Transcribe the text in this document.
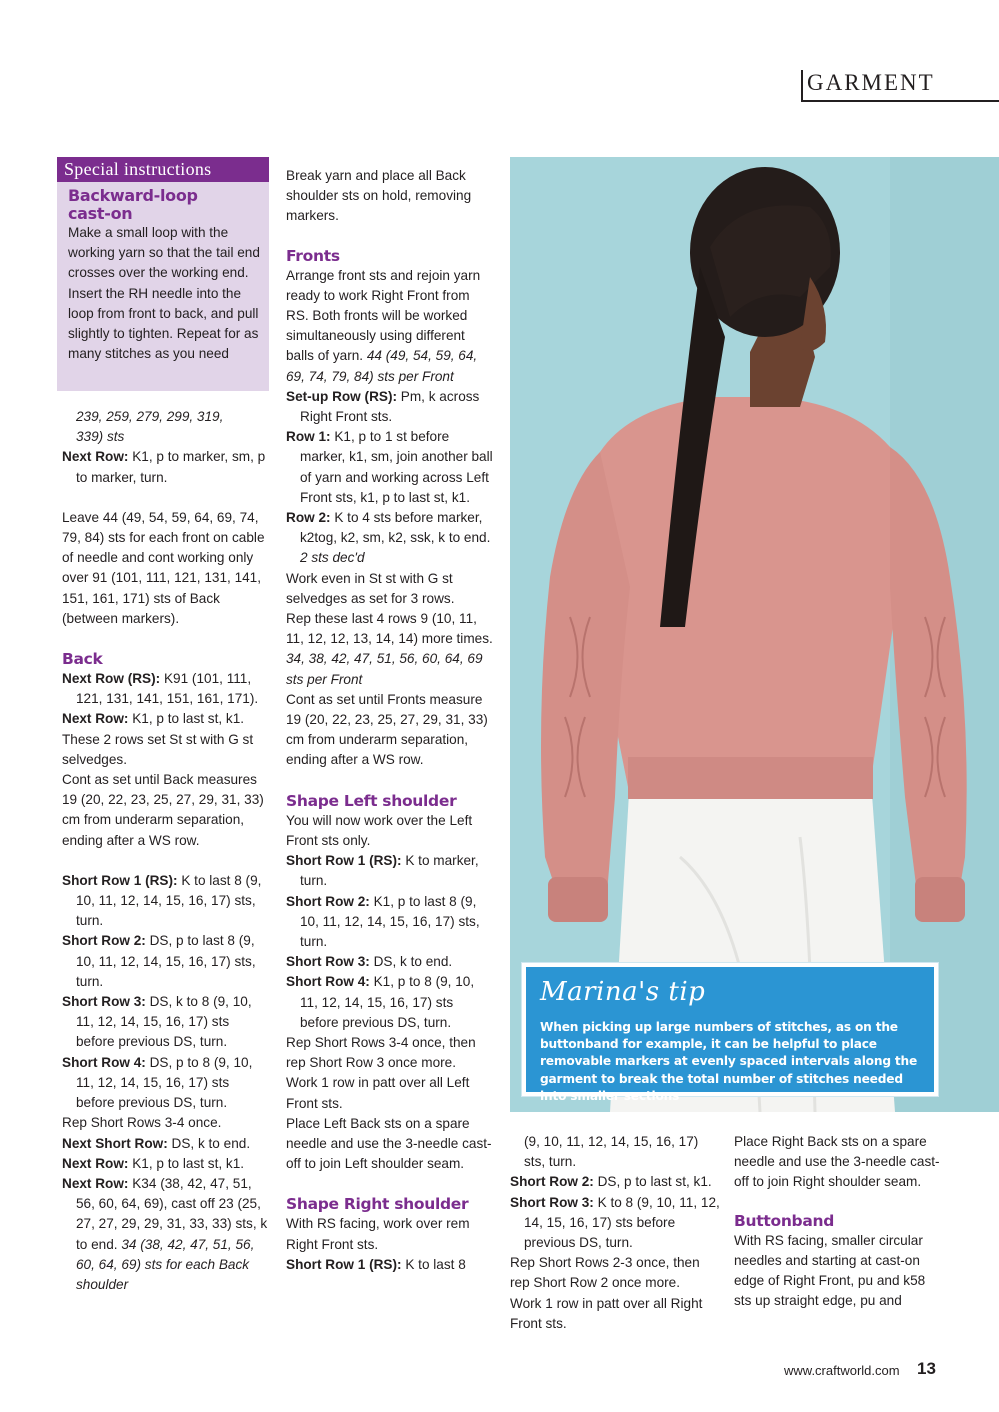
GARMENT
Special instructions

Backward-loop cast-on

Make a small loop with the working yarn so that the tail end crosses over the working end. Insert the RH needle into the loop from front to back, and pull slightly to tighten. Repeat for as many stitches as you need

239, 259, 279, 299, 319,

339) sts

Next Row: K1, p to marker, sm, p to marker, turn.

Leave 44 (49, 54, 59, 64, 69, 74, 79, 84) sts for each front on cable of needle and cont working only over 91 (101, 111, 121, 131, 141, 151, 161, 171) sts of Back (between markers).

Back

Next Row (RS): K91 (101, 111, 121, 131, 141, 151, 161, 171).

Next Row: K1, p to last st, k1.

These 2 rows set St st with G st selvedges.

Cont as set until Back measures 19 (20, 22, 23, 25, 27, 29, 31, 33) cm from underarm separation, ending after a WS row.

Short Row 1 (RS): K to last 8 (9, 10, 11, 12, 14, 15, 16, 17) sts, turn.

Short Row 2: DS, p to last 8 (9, 10, 11, 12, 14, 15, 16, 17) sts, turn.

Short Row 3: DS, k to 8 (9, 10, 11, 12, 14, 15, 16, 17) sts before previous DS, turn.

Short Row 4: DS, p to 8 (9, 10, 11, 12, 14, 15, 16, 17) sts before previous DS, turn.

Rep Short Rows 3-4 once.

Next Short Row: DS, k to end.

Next Row: K1, p to last st, k1.

Next Row: K34 (38, 42, 47, 51, 56, 60, 64, 69), cast off 23 (25, 27, 27, 29, 29, 31, 33, 33) sts, k to end. 34 (38, 42, 47, 51, 56, 60, 64, 69) sts for each Back shoulder

Break yarn and place all Back shoulder sts on hold, removing markers.

Fronts

Arrange front sts and rejoin yarn ready to work Right Front from RS. Both fronts will be worked simultaneously using different balls of yarn. 44 (49, 54, 59, 64, 69, 74, 79, 84) sts per Front

Set-up Row (RS): Pm, k across Right Front sts.

Row 1: K1, p to 1 st before marker, k1, sm, join another ball of yarn and working across Left Front sts, k1, p to last st, k1.

Row 2: K to 4 sts before marker, k2tog, k2, sm, k2, ssk, k to end. 2 sts dec'd

Work even in St st with G st selvedges as set for 3 rows.

Rep these last 4 rows 9 (10, 11, 11, 12, 12, 13, 14, 14) more times. 34, 38, 42, 47, 51, 56, 60, 64, 69 sts per Front

Cont as set until Fronts measure 19 (20, 22, 23, 25, 27, 29, 31, 33) cm from underarm separation, ending after a WS row.

Shape Left shoulder

You will now work over the Left Front sts only.

Short Row 1 (RS): K to marker, turn.

Short Row 2: K1, p to last 8 (9, 10, 11, 12, 14, 15, 16, 17) sts, turn.

Short Row 3: DS, k to end.

Short Row 4: K1, p to 8 (9, 10, 11, 12, 14, 15, 16, 17) sts before previous DS, turn.

Rep Short Rows 3-4 once, then rep Short Row 3 once more.

Work 1 row in patt over all Left Front sts.

Place Left Back sts on a spare needle and use the 3-needle cast-off to join Left shoulder seam.

Shape Right shoulder

With RS facing, work over rem Right Front sts.

Short Row 1 (RS): K to last 8

Marina's tip
When picking up large numbers of stitches, as on the buttonband for example, it can be helpful to place removable markers at evenly spaced intervals along the garment to break the total number of stitches needed into smaller sections

(9, 10, 11, 12, 14, 15, 16, 17) sts, turn.

Short Row 2: DS, p to last st, k1.

Short Row 3: K to 8 (9, 10, 11, 12, 14, 15, 16, 17) sts before previous DS, turn.

Rep Short Rows 2-3 once, then rep Short Row 2 once more.

Work 1 row in patt over all Right Front sts.

Place Right Back sts on a spare needle and use the 3-needle cast-off to join Right shoulder seam.

Buttonband

With RS facing, smaller circular needles and starting at cast-on edge of Right Front, pu and k58 sts up straight edge, pu and

www.craftworld.com 13
